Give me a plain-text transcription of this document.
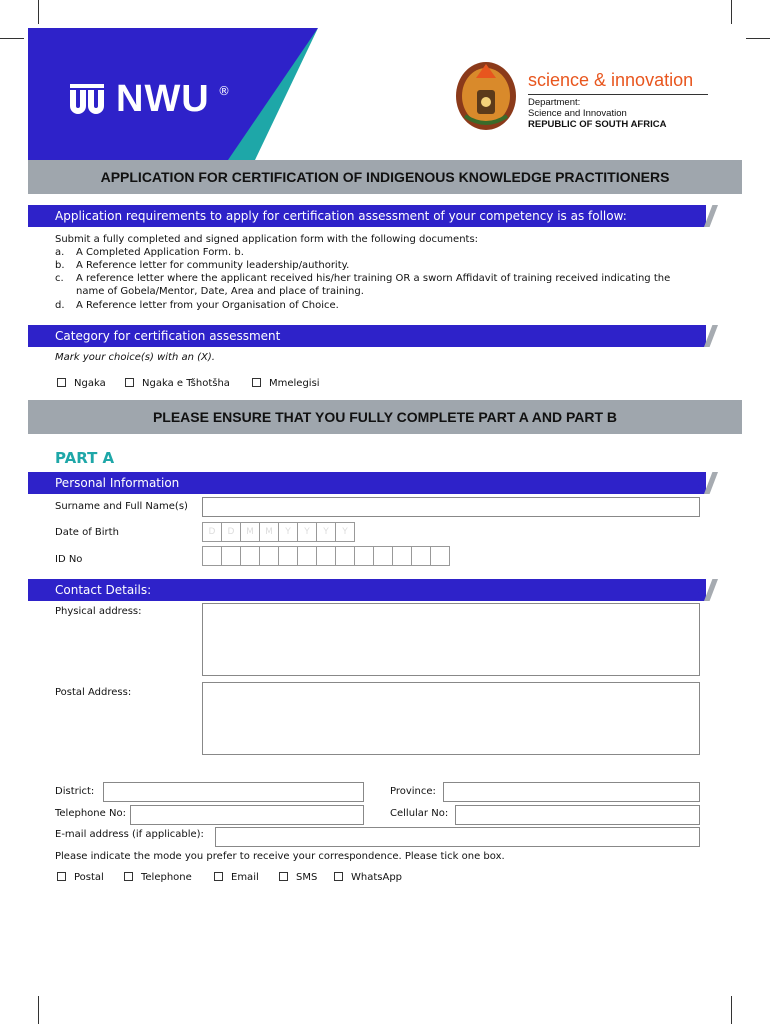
NWU ®
science & innovation
Department:
Science and Innovation
REPUBLIC OF SOUTH AFRICA
APPLICATION FOR CERTIFICATION OF INDIGENOUS KNOWLEDGE PRACTITIONERS
Application requirements to apply for certification assessment of your competency is as follow:
Submit a fully completed and signed application form with the following documents:
a. A Completed Application Form. b.
b. A Reference letter for community leadership/authority.
c. A reference letter where the applicant received his/her training OR a sworn Affidavit of training received indicating the
name of Gobela/Mentor, Date, Area and place of training.
d. A Reference letter from your Organisation of Choice.
Category for certification assessment
Mark your choice(s) with an (X).
Ngaka	Ngaka e Tšhotšha	Mmelegisi
PLEASE ENSURE THAT YOU FULLY COMPLETE PART A AND PART B
PART A
Personal Information
Surname and Full Name(s)
Date of Birth	D	D	M	M	Y	Y	Y	Y
ID No
Contact Details:
Physical address:
Postal Address:
District:	Province:
Telephone No:	Cellular No:
E-mail address (if applicable):
Please indicate the mode you prefer to receive your correspondence. Please tick one box.
Postal	Telephone	Email	SMS	WhatsApp
